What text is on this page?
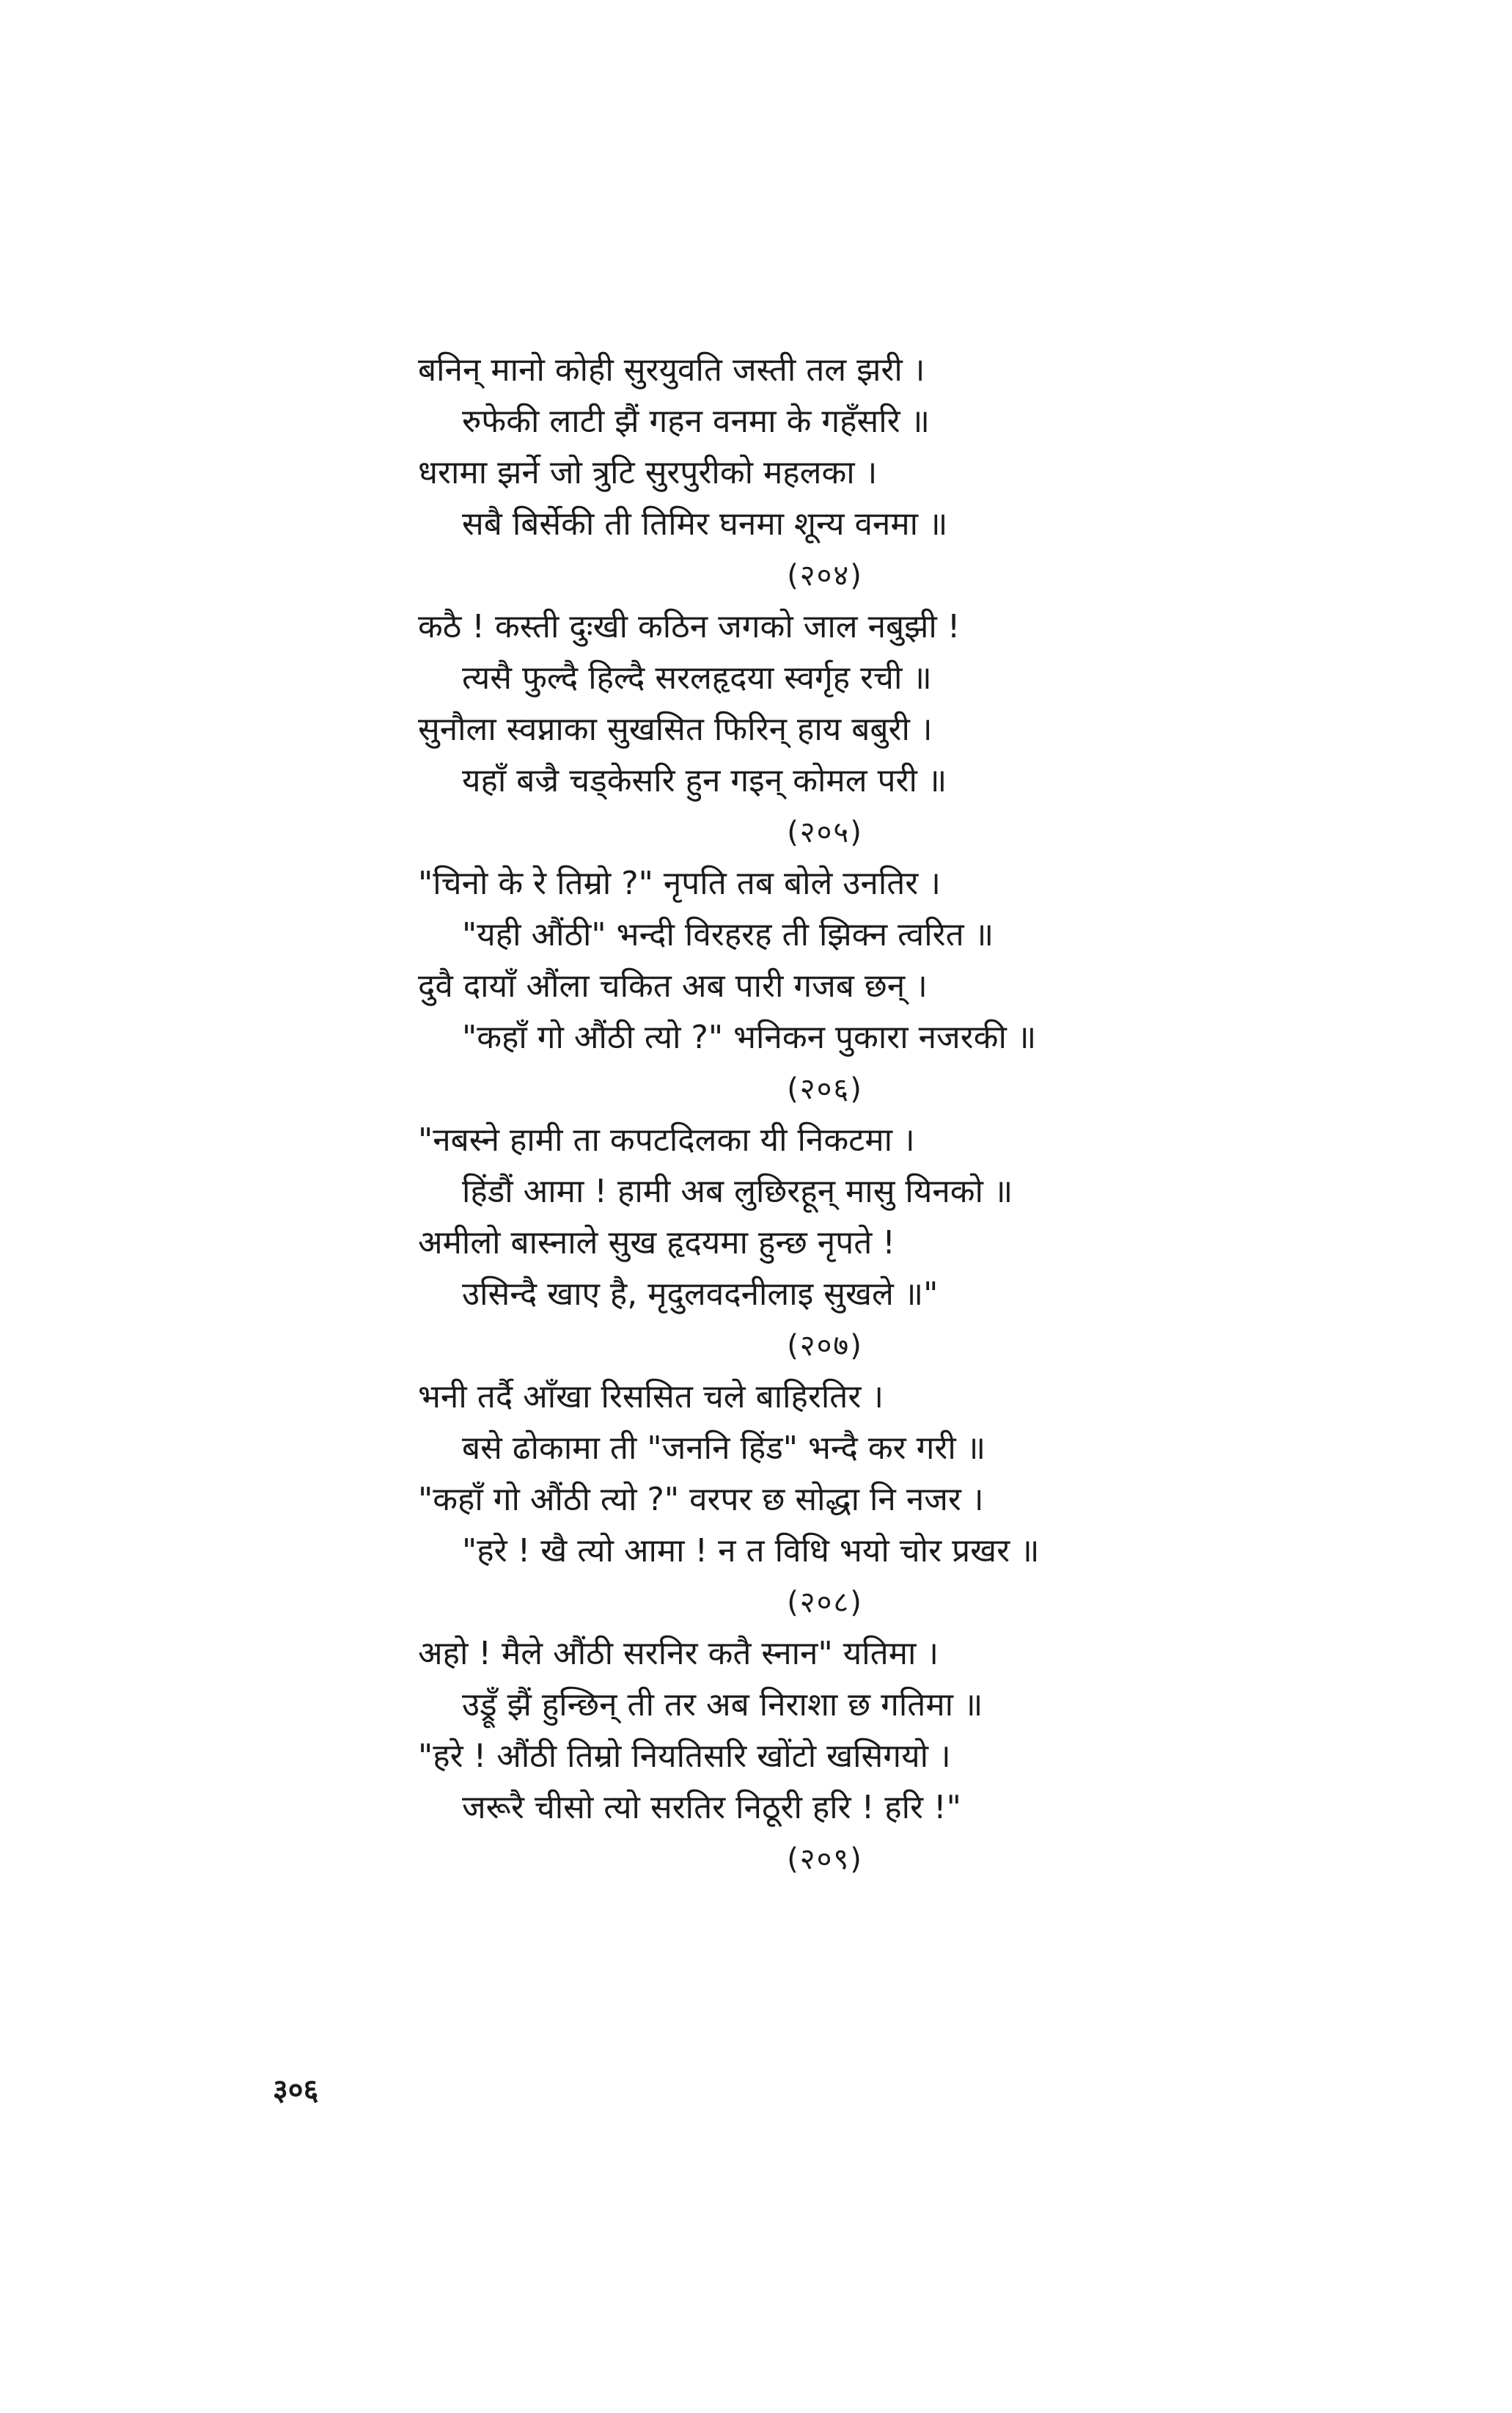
बनिन् मानो कोही सुरयुवति जस्ती तल झरी ।
रुफेकी लाटी झैं गहन वनमा के गहँसरि ॥
धरामा झर्ने जो त्रुटि सुरपुरीको महलका ।
सबै बिर्सेकी ती तिमिर घनमा शून्य वनमा ॥
(२०४)
कठै ! कस्ती दुःखी कठिन जगको जाल नबुझी !
त्यसै फुल्दै हिल्दै सरलहृदया स्वर्गृह रची ॥
सुनौला स्वप्नाका सुखसित फिरिन् हाय बबुरी ।
यहाँ बज्रै चड्केसरि हुन गइन् कोमल परी ॥
(२०५)
"चिनो के रे तिम्रो ?" नृपति तब बोले उनतिर ।
"यही औंठी" भन्दी विरहरह ती झिक्न त्वरित ॥
दुवै दायाँ औंला चकित अब पारी गजब छन् ।
"कहाँ गो औंठी त्यो ?" भनिकन पुकारा नजरकी ॥
(२०६)
"नबस्ने हामी ता कपटदिलका यी निकटमा ।
हिंडौं आमा ! हामी अब लुछिरहून् मासु यिनको ॥
अमीलो बास्नाले सुख हृदयमा हुन्छ नृपते !
उसिन्दै खाए है, मृदुलवदनीलाइ सुखले ॥"
(२०७)
भनी तर्दै आँखा रिससित चले बाहिरतिर ।
बसे ढोकामा ती "जननि हिंड" भन्दै कर गरी ॥
"कहाँ गो औंठी त्यो ?" वरपर छ सोद्धा नि नजर ।
"हरे ! खै त्यो आमा ! न त विधि भयो चोर प्रखर ॥
(२०८)
अहो ! मैले औंठी सरनिर कतै स्नान" यतिमा ।
उड्रूँ झैं हुन्छिन् ती तर अब निराशा छ गतिमा ॥
"हरे ! औंठी तिम्रो नियतिसरि खोंटो खसिगयो ।
जरूरै चीसो त्यो सरतिर निठूरी हरि ! हरि !"
(२०९)
३०६
